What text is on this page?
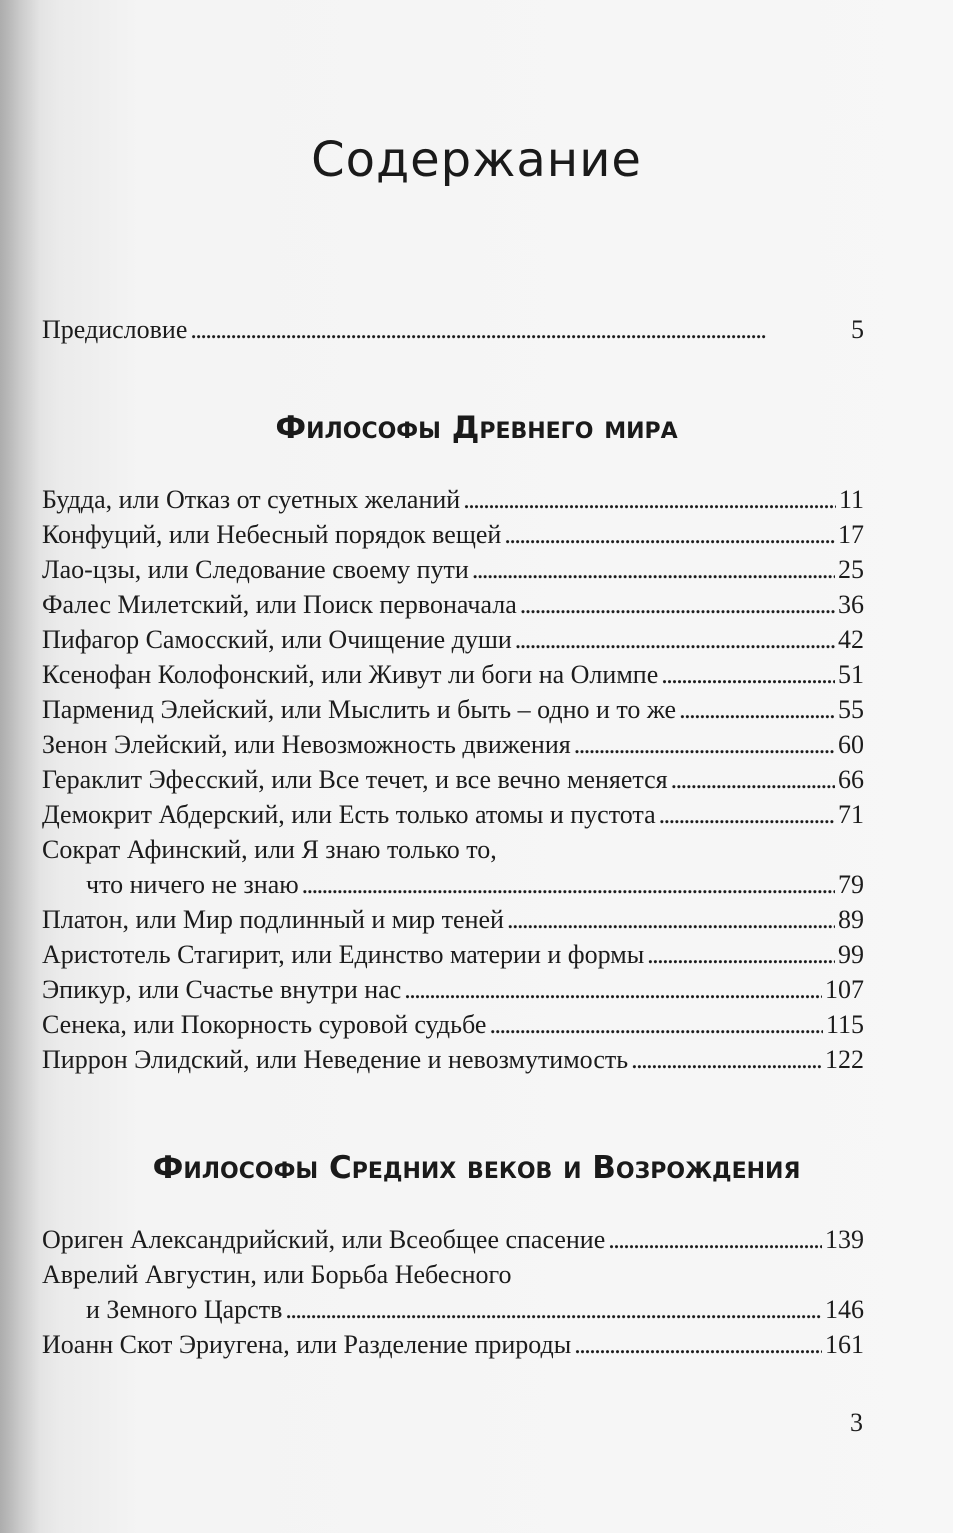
Содержание
Предисловие . . .	5
Философы Древнего мира
Будда, или Отказ от суетных желаний . . .	11
Конфуций, или Небесный порядок вещей . . .	17
Лао-цзы, или Следование своему пути . . .	25
Фалес Милетский, или Поиск первоначала . . .	36
Пифагор Самосский, или Очищение души . . .	42
Ксенофан Колофонский, или Живут ли боги на Олимпе . . .	51
Парменид Элейский, или Мыслить и быть – одно и то же . . .	55
Зенон Элейский, или Невозможность движения . . .	60
Гераклит Эфесский, или Все течет, и все вечно меняется . . .	66
Демокрит Абдерский, или Есть только атомы и пустота . . .	71
Сократ Афинский, или Я знаю только то,
что ничего не знаю . . .	79
Платон, или Мир подлинный и мир теней . . .	89
Аристотель Стагирит, или Единство материи и формы . . .	99
Эпикур, или Счастье внутри нас . . .	107
Сенека, или Покорность суровой судьбе . . .	115
Пиррон Элидский, или Неведение и невозмутимость . . .	122
Философы Средних веков и Возрождения
Ориген Александрийский, или Всеобщее спасение . . .	139
Аврелий Августин, или Борьба Небесного
и Земного Царств . . .	146
Иоанн Скот Эриугена, или Разделение природы . . .	161
3
